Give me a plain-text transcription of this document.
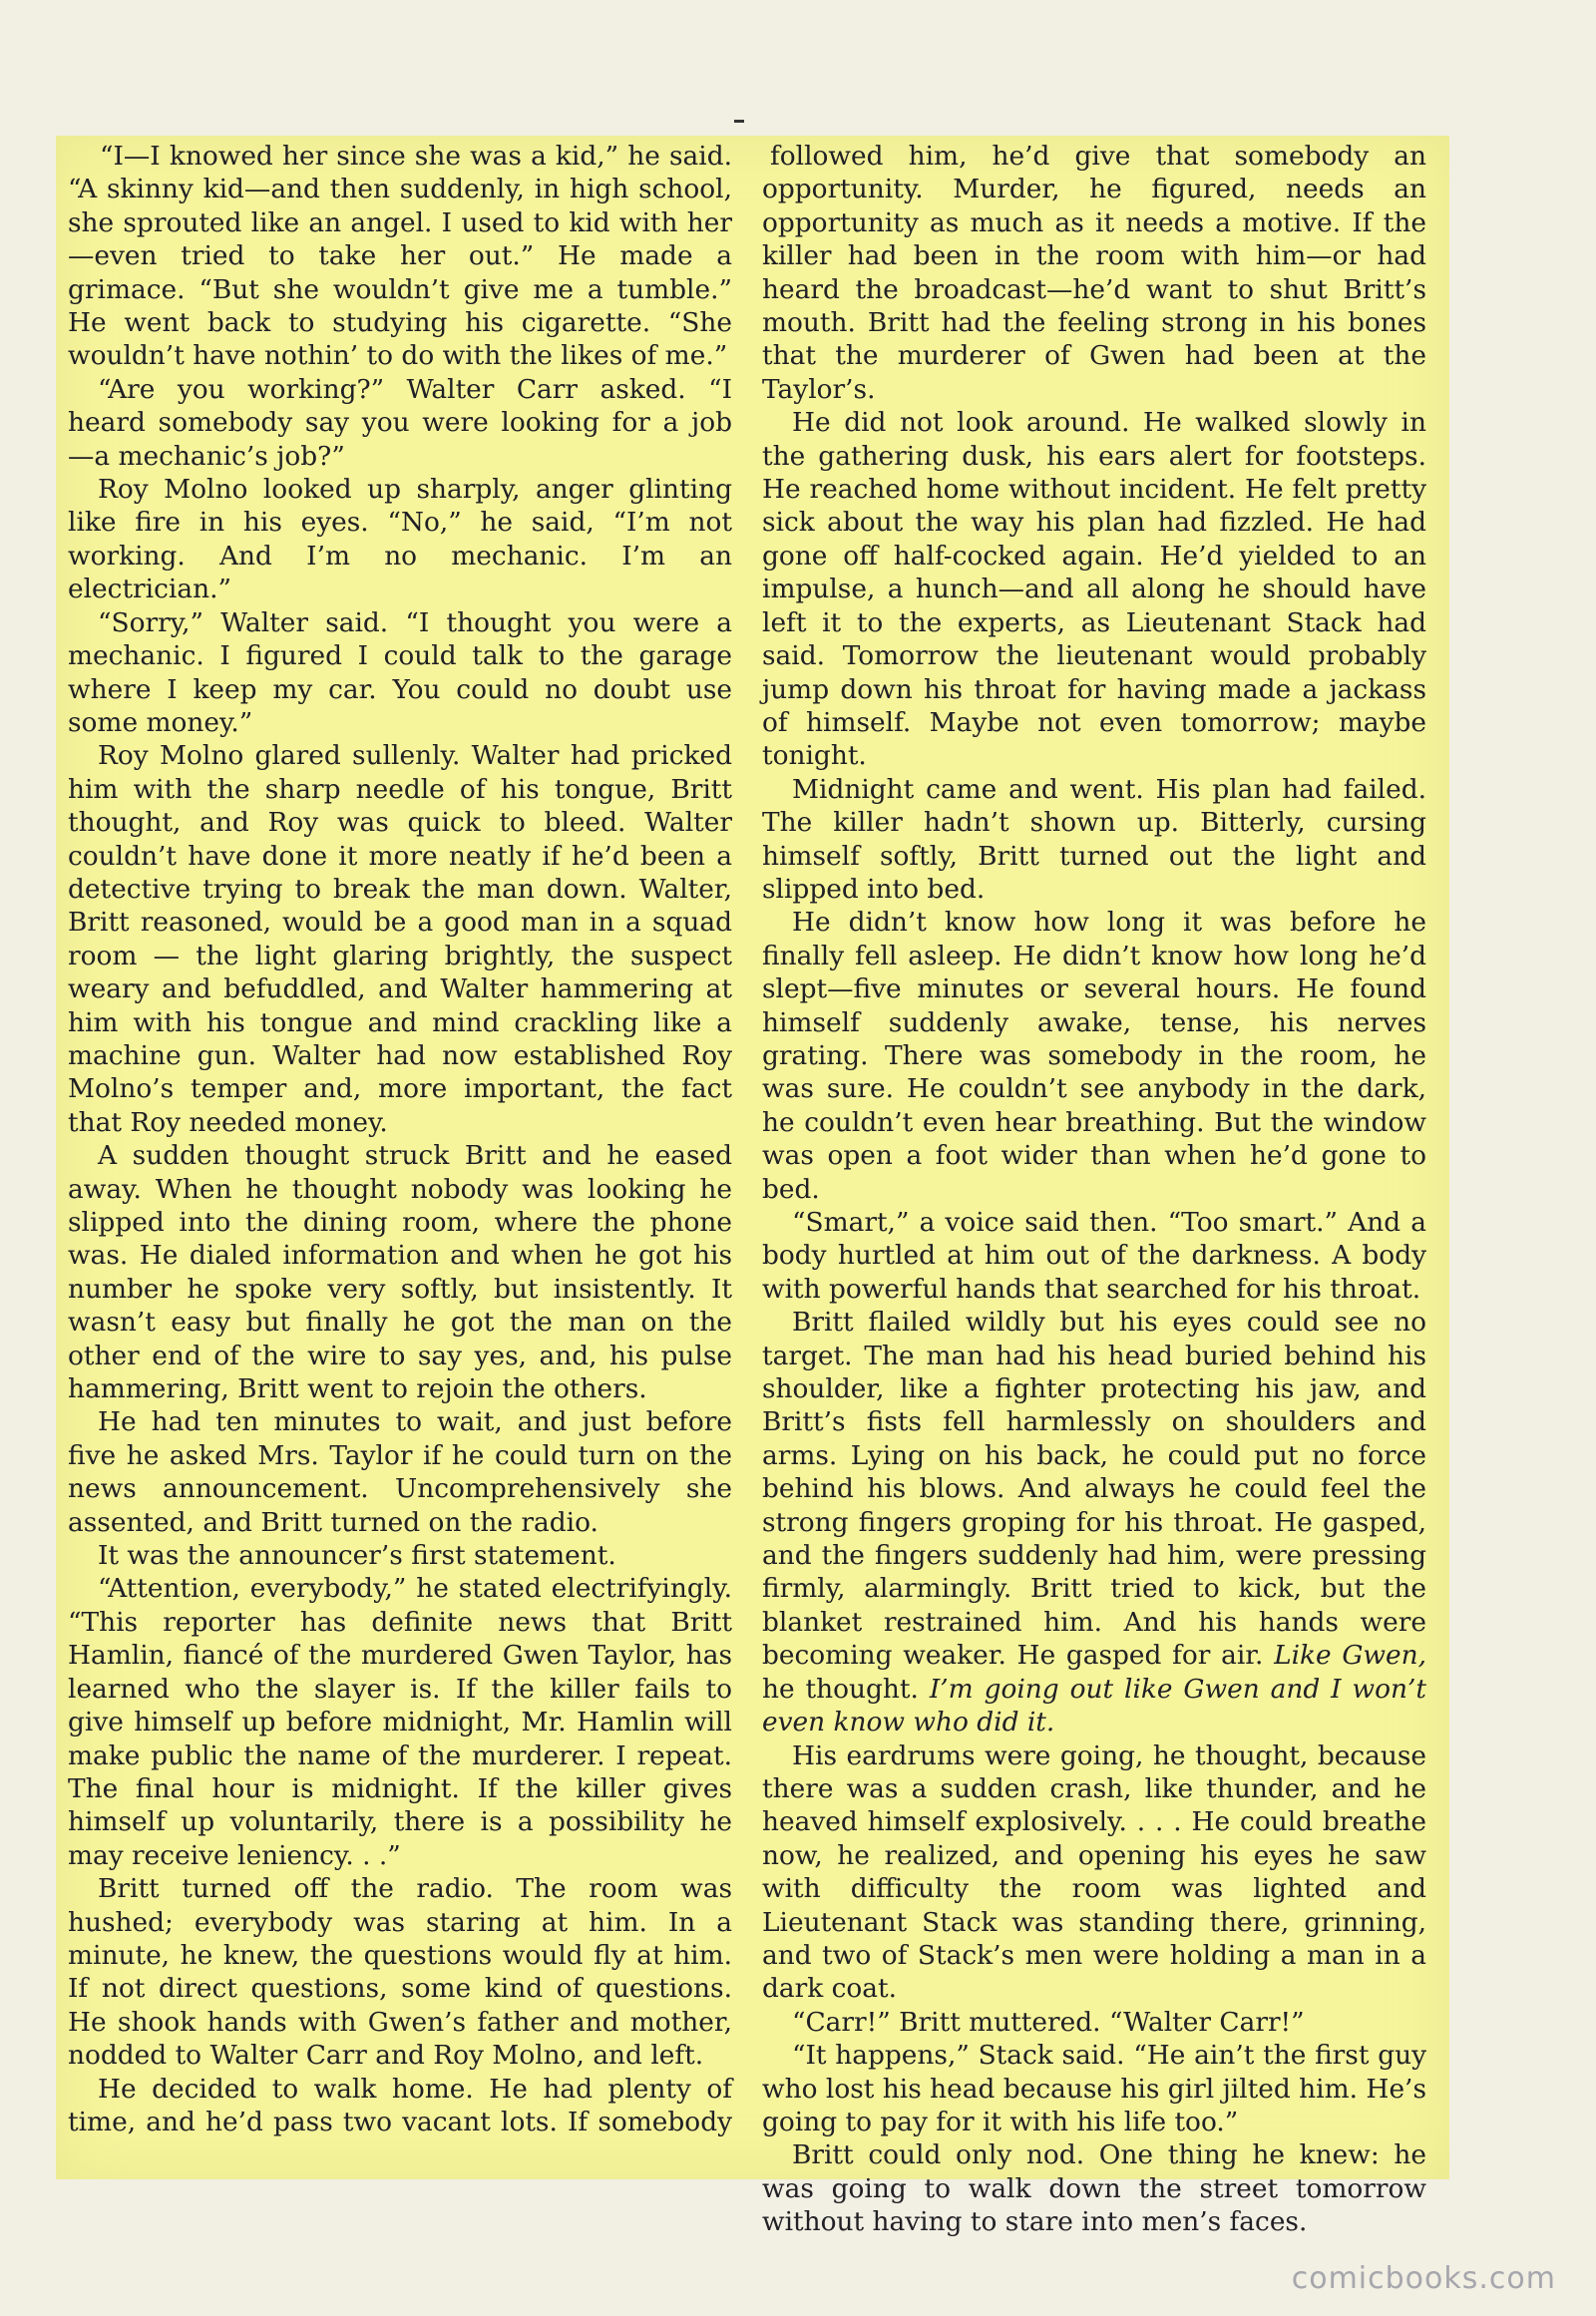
“I—I knowed her since she was a kid,” he said. “A skinny kid—and then suddenly, in high school, she sprouted like an angel. I used to kid with her—even tried to take her out.” He made a grimace. “But she wouldn’t give me a tumble.” He went back to studying his cigarette. “She wouldn’t have nothin’ to do with the likes of me.”

“Are you working?” Walter Carr asked. “I heard somebody say you were looking for a job —a mechanic’s job?”

Roy Molno looked up sharply, anger glinting like fire in his eyes. “No,” he said, “I’m not working. And I’m no mechanic. I’m an electrician.”

“Sorry,” Walter said. “I thought you were a mechanic. I figured I could talk to the garage where I keep my car. You could no doubt use some money.”

Roy Molno glared sullenly. Walter had pricked him with the sharp needle of his tongue, Britt thought, and Roy was quick to bleed. Walter couldn’t have done it more neatly if he’d been a detective trying to break the man down. Walter, Britt reasoned, would be a good man in a squad room — the light glaring brightly, the suspect weary and befuddled, and Walter hammering at him with his tongue and mind crackling like a machine gun. Walter had now established Roy Molno’s temper and, more important, the fact that Roy needed money.

A sudden thought struck Britt and he eased away. When he thought nobody was looking he slipped into the dining room, where the phone was. He dialed information and when he got his number he spoke very softly, but insistently. It wasn’t easy but finally he got the man on the other end of the wire to say yes, and, his pulse hammering, Britt went to rejoin the others.

He had ten minutes to wait, and just before five he asked Mrs. Taylor if he could turn on the news announcement. Uncomprehensively she assented, and Britt turned on the radio.

It was the announcer’s first statement.

“Attention, everybody,” he stated electrifyingly. “This reporter has definite news that Britt Hamlin, fiancé of the murdered Gwen Taylor, has learned who the slayer is. If the killer fails to give himself up before midnight, Mr. Hamlin will make public the name of the murderer. I repeat. The final hour is midnight. If the killer gives himself up voluntarily, there is a possibility he may receive leniency. . .”

Britt turned off the radio. The room was hushed; everybody was staring at him. In a minute, he knew, the questions would fly at him. If not direct questions, some kind of questions. He shook hands with Gwen’s father and mother, nodded to Walter Carr and Roy Molno, and left.

He decided to walk home. He had plenty of time, and he’d pass two vacant lots. If somebody

followed him, he’d give that somebody an opportunity. Murder, he figured, needs an opportunity as much as it needs a motive. If the killer had been in the room with him—or had heard the broadcast—he’d want to shut Britt’s mouth. Britt had the feeling strong in his bones that the murderer of Gwen had been at the Taylor’s.

He did not look around. He walked slowly in the gathering dusk, his ears alert for footsteps. He reached home without incident. He felt pretty sick about the way his plan had fizzled. He had gone off half-cocked again. He’d yielded to an impulse, a hunch—and all along he should have left it to the experts, as Lieutenant Stack had said. Tomorrow the lieutenant would probably jump down his throat for having made a jackass of himself. Maybe not even tomorrow; maybe tonight.

Midnight came and went. His plan had failed. The killer hadn’t shown up. Bitterly, cursing himself softly, Britt turned out the light and slipped into bed.

He didn’t know how long it was before he finally fell asleep. He didn’t know how long he’d slept—five minutes or several hours. He found himself suddenly awake, tense, his nerves grating. There was somebody in the room, he was sure. He couldn’t see anybody in the dark, he couldn’t even hear breathing. But the window was open a foot wider than when he’d gone to bed.

“Smart,” a voice said then. “Too smart.” And a body hurtled at him out of the darkness. A body with powerful hands that searched for his throat.

Britt flailed wildly but his eyes could see no target. The man had his head buried behind his shoulder, like a fighter protecting his jaw, and Britt’s fists fell harmlessly on shoulders and arms. Lying on his back, he could put no force behind his blows. And always he could feel the strong fingers groping for his throat. He gasped, and the fingers suddenly had him, were pressing firmly, alarmingly. Britt tried to kick, but the blanket restrained him. And his hands were becoming weaker. He gasped for air. Like Gwen, he thought. I’m going out like Gwen and I won’t even know who did it.

His eardrums were going, he thought, because there was a sudden crash, like thunder, and he heaved himself explosively. . . . He could breathe now, he realized, and opening his eyes he saw with difficulty the room was lighted and Lieutenant Stack was standing there, grinning, and two of Stack’s men were holding a man in a dark coat.

“Carr!” Britt muttered. “Walter Carr!”

“It happens,” Stack said. “He ain’t the first guy who lost his head because his girl jilted him. He’s going to pay for it with his life too.”

Britt could only nod. One thing he knew: he was going to walk down the street tomorrow without having to stare into men’s faces.

comicbooks.com
